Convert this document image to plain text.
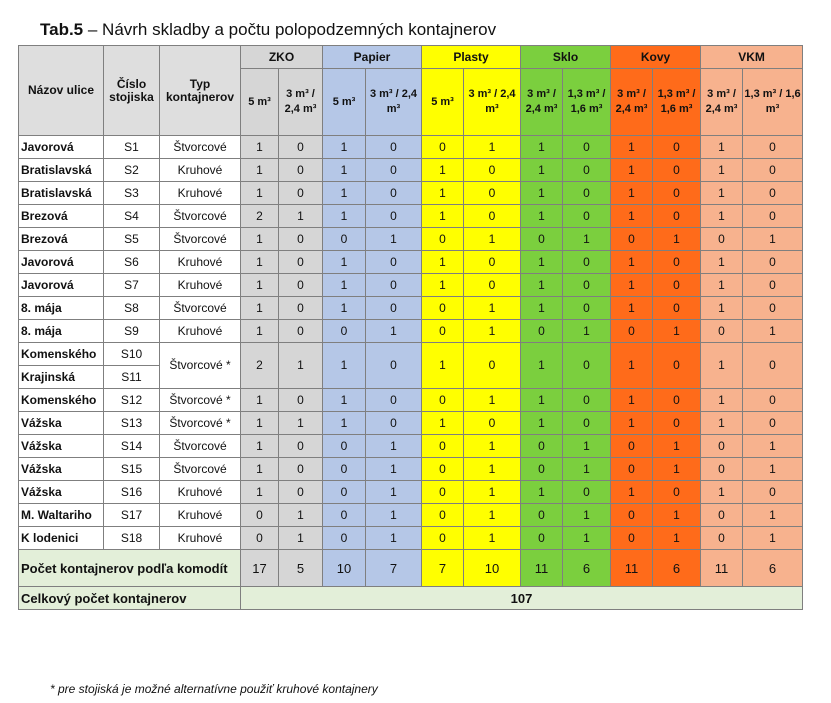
Tab.5 – Návrh skladby a počtu polopodzemných kontajnerov
Názov ulice	Číslo stojiska	Typ kontajnerov	ZKO		Papier		Plasty		Sklo		Kovy		VKM	
			5 m³	3 m³ / 2,4 m³	5 m³	3 m³ / 2,4 m³	5 m³	3 m³ / 2,4 m³	3 m³ / 2,4 m³	1,3 m³ / 1,6 m³	3 m³ / 2,4 m³	1,3 m³ / 1,6 m³	3 m³ / 2,4 m³	1,3 m³ / 1,6 m³
Javorová	S1	Štvorcové	1	0	1	0	0	1	1	0	1	0	1	0
Bratislavská	S2	Kruhové	1	0	1	0	1	0	1	0	1	0	1	0
Bratislavská	S3	Kruhové	1	0	1	0	1	0	1	0	1	0	1	0
Brezová	S4	Štvorcové	2	1	1	0	1	0	1	0	1	0	1	0
Brezová	S5	Štvorcové	1	0	0	1	0	1	0	1	0	1	0	1
Javorová	S6	Kruhové	1	0	1	0	1	0	1	0	1	0	1	0
Javorová	S7	Kruhové	1	0	1	0	1	0	1	0	1	0	1	0
8. mája	S8	Štvorcové	1	0	1	0	0	1	1	0	1	0	1	0
8. mája	S9	Kruhové	1	0	0	1	0	1	0	1	0	1	0	1
Komenského	S10	Štvorcové *	2	1	1	0	1	0	1	0	1	0	1	0
Krajinská	S11													
Komenského	S12	Štvorcové *	1	0	1	0	0	1	1	0	1	0	1	0
Vážska	S13	Štvorcové *	1	1	1	0	1	0	1	0	1	0	1	0
Vážska	S14	Štvorcové	1	0	0	1	0	1	0	1	0	1	0	1
Vážska	S15	Štvorcové	1	0	0	1	0	1	0	1	0	1	0	1
Vážska	S16	Kruhové	1	0	0	1	0	1	1	0	1	0	1	0
M. Waltariho	S17	Kruhové	0	1	0	1	0	1	0	1	0	1	0	1
K lodenici	S18	Kruhové	0	1	0	1	0	1	0	1	0	1	0	1
Počet kontajnerov podľa komodít			17	5	10	7	7	10	11	6	11	6	11	6
Celkový počet kontajnerov			107											
* pre stojiská je možné alternatívne použiť kruhové kontajnery
